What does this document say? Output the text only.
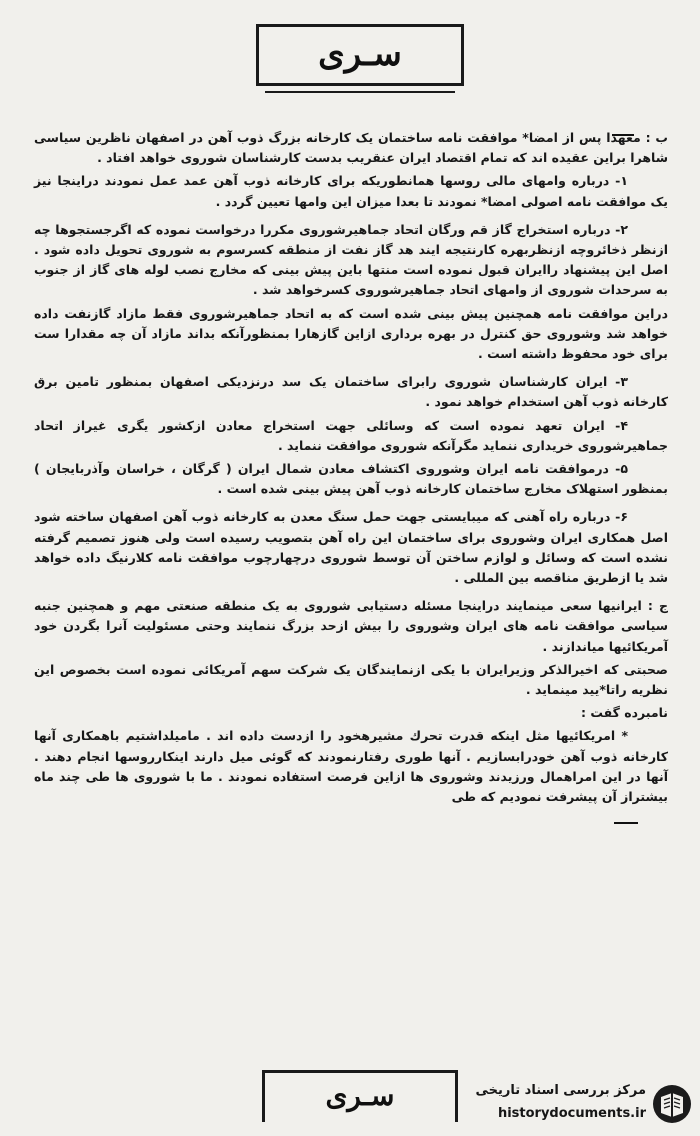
سـری

ب : معهذا پس از امضا* موافقت نامه ساختمان یک کارخانه بزرگ ذوب آهن در اصفهان ناظرین سیاسی شاهرا براین عقیده اند که تمام اقتصاد ایران عنقریب بدست کارشناسان شوروی خواهد افتاد .

۱- درباره وامهای مالی روسها همانطوریکه برای کارخانه ذوب آهن عمد عمل نمودند دراینجا نیز یک موافقت نامه اصولی امضا* نمودند تا بعدا میزان این وامها تعیین گردد .

۲- درباره استخراج گاز قم ورگان اتحاد جماهیرشوروی مکررا درخواست نموده که اگرجستجوها چه ازنظر ذخائروچه ازنظربهره کارنتیجه ایند هد گاز نفت از منطقه کسرسوم به شوروی تحویل داده شود . اصل این پیشنهاد راایران قبول نموده است منتها باین پیش بینی که مخارج نصب لوله های گاز از جنوب به سرحدات شوروی از وامهای اتحاد جماهیرشوروی کسرخواهد شد .

دراین موافقت نامه همچنین پیش بینی شده است که به اتحاد جماهیرشوروی فقط مازاد گازنفت داده خواهد شد وشوروی حق کنترل در بهره برداری ازاین گازهارا بمنظورآنکه بداند مازاد آن چه مقدارا ست برای خود محفوظ داشته است .

۳- ایران کارشناسان شوروی رابرای ساختمان یک سد درنزدیکی اصفهان بمنظور تامین برق کارخانه ذوب آهن استخدام خواهد نمود .

۴- ایران تعهد نموده است که وسائلی جهت استخراج معادن ازکشور یگری غیراز اتحاد جماهیرشوروی خریداری ننماید مگرآنکه شوروی موافقت ننماید .

۵- درموافقت نامه ایران وشوروی اکتشاف معادن شمال ایران ( گرگان ، خراسان وآذربایجان ) بمنظور استهلاک مخارج ساختمان کارخانه ذوب آهن پیش بینی شده است .

۶- درباره راه آهنی که میبایستی جهت حمل سنگ معدن به کارخانه ذوب آهن اصفهان ساخته شود اصل همکاری ایران وشوروی برای ساختمان این راه آهن بتصویب رسیده است ولی هنوز تصمیم گرفته نشده است که وسائل و لوازم ساختن آن توسط شوروی درچهارچوب موافقت نامه کلارنیگ داده خواهد شد یا ازطریق مناقصه بین المللی .

ج : ایرانیها سعی مینمایند دراینجا مسئله دستیابی شوروی به یک منطقه صنعتی مهم و همچنین جنبه سیاسی موافقت نامه های ایران وشوروی را بیش ازحد بزرگ ننمایند وحتی مسئولیت آنرا بگردن خود آمریکائیها میاندازند .

صحبتی که اخیرالذکر وزیرایران با یکی ازنمایندگان یک شرکت سهم آمریکائی نموده است بخصوص این نظریه راتا*یید مینماید .

نامبرده گفت :

* امریکائیها مثل اینکه قدرت تحرك مشیرهخود را ازدست داده اند . ماميلداشتيم باهمکاری آنها کارخانه ذوب آهن خودرابسازیم . آنها طوری رفتارنمودند که گوئی میل دارند اینکارروسها انجام دهند . آنها در این امراهمال ورزیدند وشوروی ها ازاین فرصت استفاده نمودند . ما با شوروی ها طی چند ماه بیشتراز آن پیشرفت نمودیم که طی

سـری	مرکز بررسی اسناد تاریخی
historydocuments.ir
